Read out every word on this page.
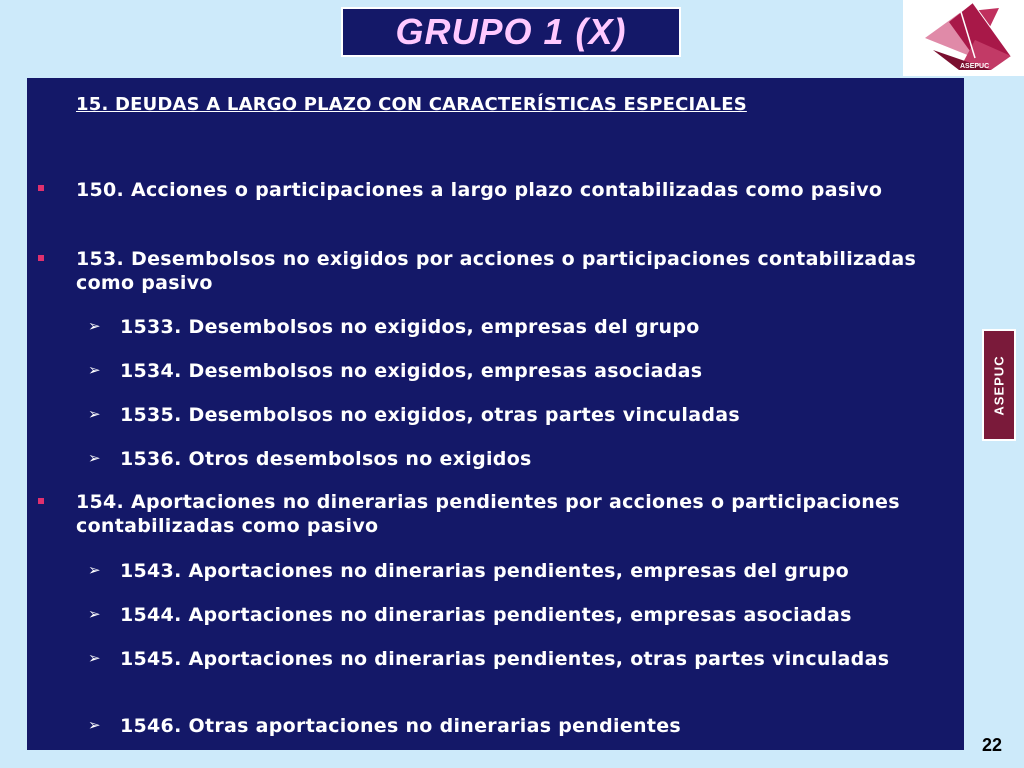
GRUPO 1 (X)
ASEPUC
15. DEUDAS A LARGO PLAZO CON CARACTERÍSTICAS ESPECIALES
150. Acciones o participaciones a largo plazo contabilizadas como pasivo
153. Desembolsos no exigidos por acciones o participaciones contabilizadas como pasivo
➢ 1533. Desembolsos no exigidos, empresas del grupo
➢ 1534. Desembolsos no exigidos, empresas asociadas
➢ 1535. Desembolsos no exigidos, otras partes vinculadas
➢ 1536. Otros desembolsos no exigidos
154. Aportaciones no dinerarias pendientes por acciones o participaciones contabilizadas como pasivo
➢ 1543. Aportaciones no dinerarias pendientes, empresas del grupo
➢ 1544. Aportaciones no dinerarias pendientes, empresas asociadas
➢ 1545. Aportaciones no dinerarias pendientes, otras partes vinculadas
➢ 1546. Otras aportaciones no dinerarias pendientes
ASEPUC
22
